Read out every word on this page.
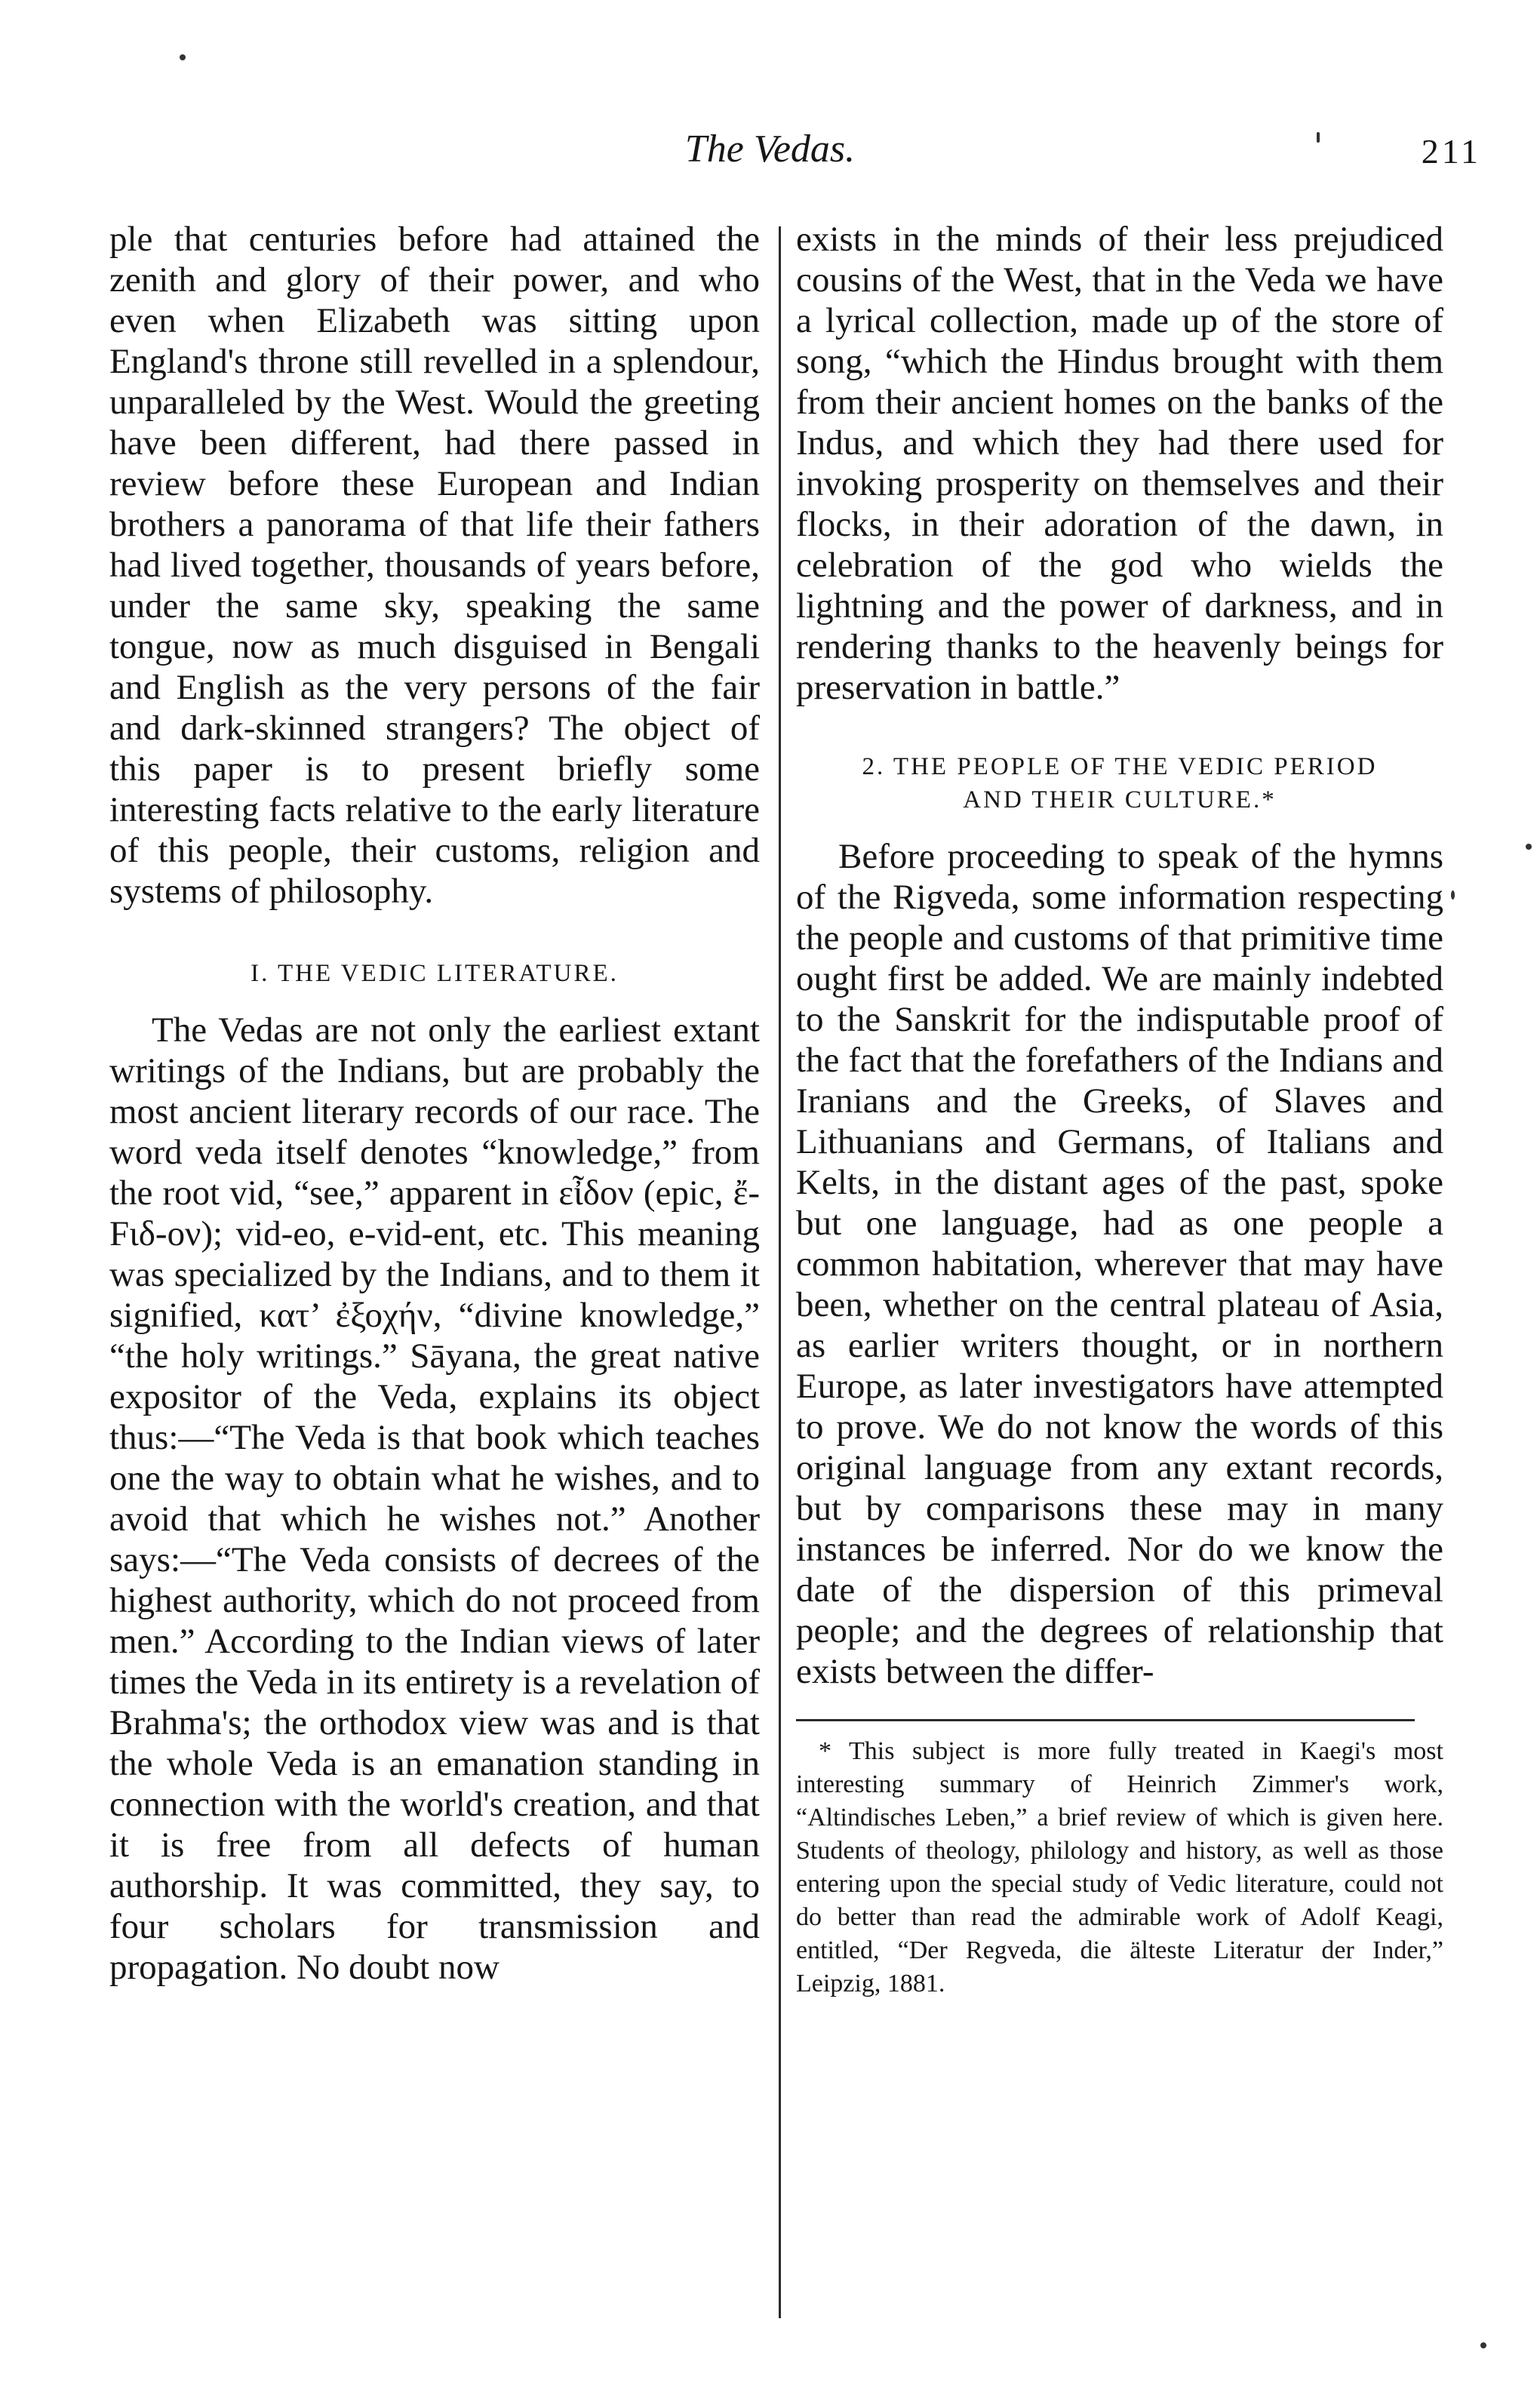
The Vedas.	211

ple that centuries before had attained the zenith and glory of their power, and who even when Elizabeth was sitting upon England's throne still revelled in a splendour, unparalleled by the West. Would the greeting have been different, had there passed in review before these European and Indian brothers a panorama of that life their fathers had lived together, thousands of years before, under the same sky, speaking the same tongue, now as much disguised in Bengali and English as the very persons of the fair and dark-skinned strangers? The object of this paper is to present briefly some interesting facts relative to the early literature of this people, their customs, religion and systems of philosophy.

I. THE VEDIC LITERATURE.

The Vedas are not only the earliest extant writings of the Indians, but are probably the most ancient literary records of our race. The word veda itself denotes “knowledge,” from the root vid, “see,” apparent in εἶδον (epic, ἔ-Fιδ-ον); vid-eo, e-vid-ent, etc. This meaning was specialized by the Indians, and to them it signified, κατ’ ἐξοχήν, “divine knowledge,” “the holy writings.” Sāyana, the great native expositor of the Veda, explains its object thus:—“The Veda is that book which teaches one the way to obtain what he wishes, and to avoid that which he wishes not.” Another says:—“The Veda consists of decrees of the highest authority, which do not proceed from men.” According to the Indian views of later times the Veda in its entirety is a revelation of Brahma's; the orthodox view was and is that the whole Veda is an emanation standing in connection with the world's creation, and that it is free from all defects of human authorship. It was committed, they say, to four scholars for transmission and propagation. No doubt now

exists in the minds of their less prejudiced cousins of the West, that in the Veda we have a lyrical collection, made up of the store of song, “which the Hindus brought with them from their ancient homes on the banks of the Indus, and which they had there used for invoking prosperity on themselves and their flocks, in their adoration of the dawn, in celebration of the god who wields the lightning and the power of darkness, and in rendering thanks to the heavenly beings for preservation in battle.”

2. THE PEOPLE OF THE VEDIC PERIOD
AND THEIR CULTURE.*

Before proceeding to speak of the hymns of the Rigveda, some information respecting the people and customs of that primitive time ought first be added. We are mainly indebted to the Sanskrit for the indisputable proof of the fact that the forefathers of the Indians and Iranians and the Greeks, of Slaves and Lithuanians and Germans, of Italians and Kelts, in the distant ages of the past, spoke but one language, had as one people a common habitation, wherever that may have been, whether on the central plateau of Asia, as earlier writers thought, or in northern Europe, as later investigators have attempted to prove. We do not know the words of this original language from any extant records, but by comparisons these may in many instances be inferred. Nor do we know the date of the dispersion of this primeval people; and the degrees of relationship that exists between the differ-

* This subject is more fully treated in Kaegi's most interesting summary of Heinrich Zimmer's work, “Altindisches Leben,” a brief review of which is given here. Students of theology, philology and history, as well as those entering upon the special study of Vedic literature, could not do better than read the admirable work of Adolf Keagi, entitled, “Der Regveda, die älteste Literatur der Inder,” Leipzig, 1881.
